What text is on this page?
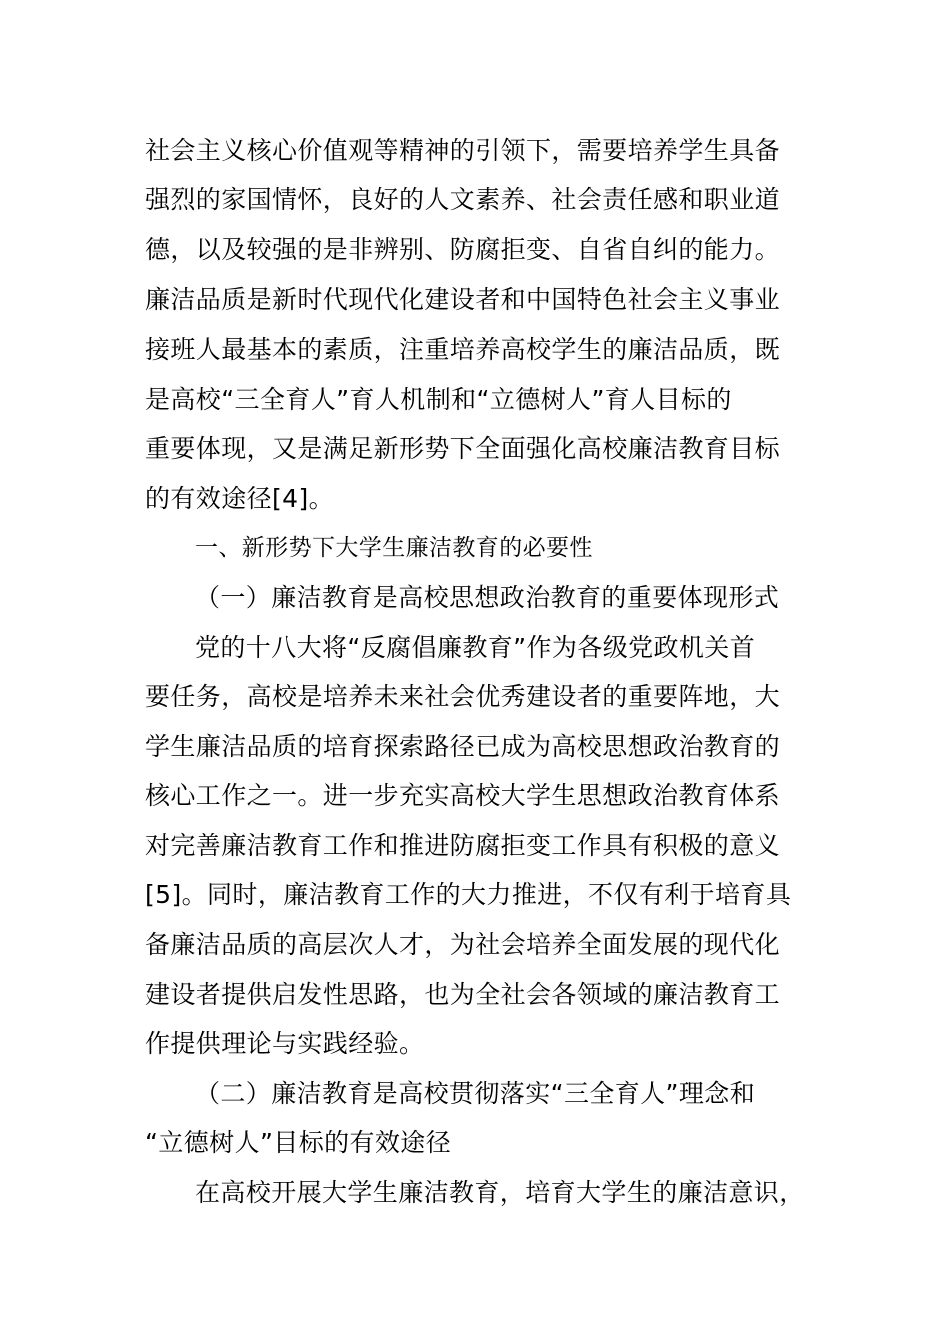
社会主义核心价值观等精神的引领下，需要培养学生具备
强烈的家国情怀，良好的人文素养、社会责任感和职业道
德，以及较强的是非辨别、防腐拒变、自省自纠的能力。
廉洁品质是新时代现代化建设者和中国特色社会主义事业
接班人最基本的素质，注重培养高校学生的廉洁品质，既
是高校“三全育人”育人机制和“立德树人”育人目标的
重要体现，又是满足新形势下全面强化高校廉洁教育目标
的有效途径[4]。
一、新形势下大学生廉洁教育的必要性
（一）廉洁教育是高校思想政治教育的重要体现形式
党的十八大将“反腐倡廉教育”作为各级党政机关首
要任务，高校是培养未来社会优秀建设者的重要阵地，大
学生廉洁品质的培育探索路径已成为高校思想政治教育的
核心工作之一。进一步充实高校大学生思想政治教育体系
对完善廉洁教育工作和推进防腐拒变工作具有积极的意义
[5]。同时，廉洁教育工作的大力推进，不仅有利于培育具
备廉洁品质的高层次人才，为社会培养全面发展的现代化
建设者提供启发性思路，也为全社会各领域的廉洁教育工
作提供理论与实践经验。
（二）廉洁教育是高校贯彻落实“三全育人”理念和
“立德树人”目标的有效途径
在高校开展大学生廉洁教育，培育大学生的廉洁意识，
